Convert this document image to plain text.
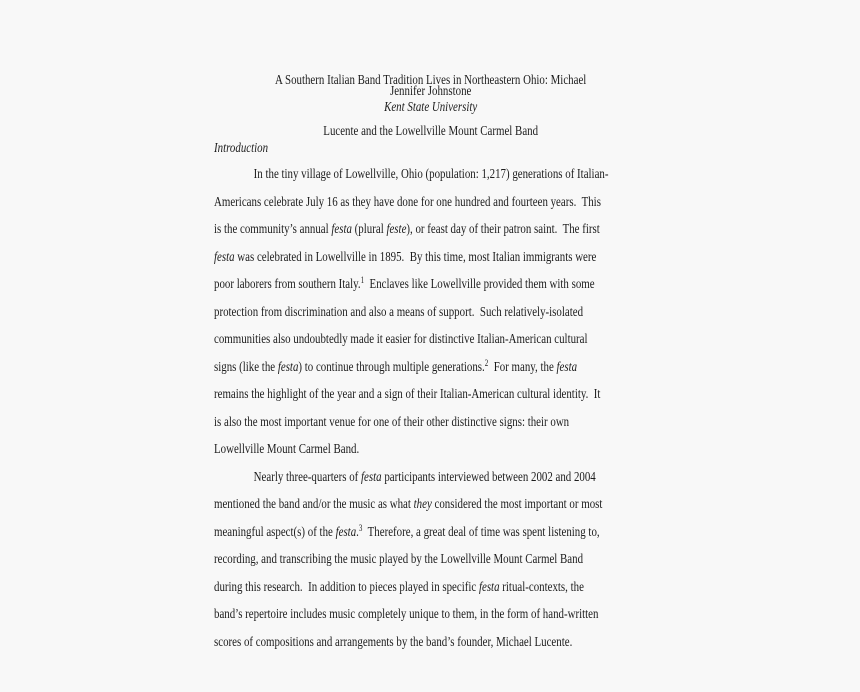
A Southern Italian Band Tradition Lives in Northeastern Ohio: Michael

Lucente and the Lowellville Mount Carmel Band

Jennifer Johnstone
Kent State University
Introduction
In the tiny village of Lowellville, Ohio (population: 1,217) generations of Italian-
Americans celebrate July 16 as they have done for one hundred and fourteen years.  This
is the community’s annual festa (plural feste), or feast day of their patron saint.  The first
festa was celebrated in Lowellville in 1895.  By this time, most Italian immigrants were
poor laborers from southern Italy.$^1$  Enclaves like Lowellville provided them with some
protection from discrimination and also a means of support.  Such relatively-isolated
communities also undoubtedly made it easier for distinctive Italian-American cultural
signs (like the festa) to continue through multiple generations.$^2$  For many, the festa
remains the highlight of the year and a sign of their Italian-American cultural identity.  It
is also the most important venue for one of their other distinctive signs: their own
Lowellville Mount Carmel Band.
Nearly three-quarters of festa participants interviewed between 2002 and 2004
mentioned the band and/or the music as what they considered the most important or most
meaningful aspect(s) of the festa.$^3$  Therefore, a great deal of time was spent listening to,
recording, and transcribing the music played by the Lowellville Mount Carmel Band
during this research.  In addition to pieces played in specific festa ritual-contexts, the
band’s repertoire includes music completely unique to them, in the form of hand-written
scores of compositions and arrangements by the band’s founder, Michael Lucente.
